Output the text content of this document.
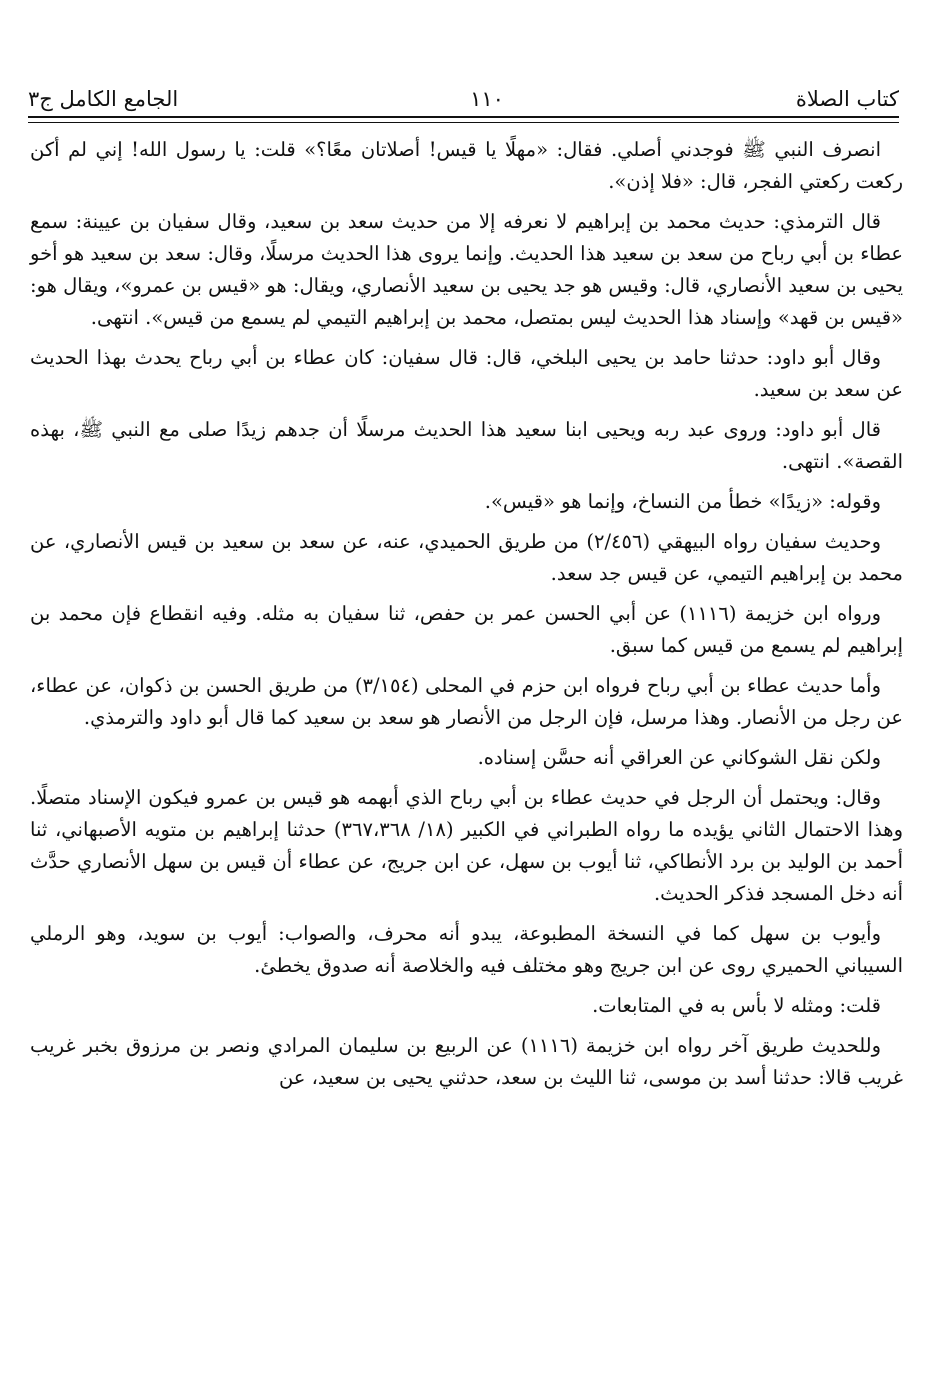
كتاب الصلاة
١١٠
الجامع الكامل ج٣

انصرف النبي ﷺ فوجدني أصلي. فقال: «مهلًا يا قيس! أصلاتان معًا؟» قلت: يا رسول الله! إني لم أكن ركعت ركعتي الفجر، قال: «فلا إذن».

قال الترمذي: حديث محمد بن إبراهيم لا نعرفه إلا من حديث سعد بن سعيد، وقال سفيان بن عيينة: سمع عطاء بن أبي رباح من سعد بن سعيد هذا الحديث. وإنما يروى هذا الحديث مرسلًا، وقال: سعد بن سعيد هو أخو يحيى بن سعيد الأنصاري، قال: وقيس هو جد يحيى بن سعيد الأنصاري، ويقال: هو «قيس بن عمرو»، ويقال هو: «قيس بن قهد» وإسناد هذا الحديث ليس بمتصل، محمد بن إبراهيم التيمي لم يسمع من قيس». انتهى.

وقال أبو داود: حدثنا حامد بن يحيى البلخي، قال: قال سفيان: كان عطاء بن أبي رباح يحدث بهذا الحديث عن سعد بن سعيد.

قال أبو داود: وروى عبد ربه ويحيى ابنا سعيد هذا الحديث مرسلًا أن جدهم زيدًا صلى مع النبي ﷺ، بهذه القصة». انتهى.

وقوله: «زيدًا» خطأ من النساخ، وإنما هو «قيس».

وحديث سفيان رواه البيهقي (٢/٤٥٦) من طريق الحميدي، عنه، عن سعد بن سعيد بن قيس الأنصاري، عن محمد بن إبراهيم التيمي، عن قيس جد سعد.

ورواه ابن خزيمة (١١١٦) عن أبي الحسن عمر بن حفص، ثنا سفيان به مثله. وفيه انقطاع فإن محمد بن إبراهيم لم يسمع من قيس كما سبق.

وأما حديث عطاء بن أبي رباح فرواه ابن حزم في المحلى (٣/١٥٤) من طريق الحسن بن ذكوان، عن عطاء، عن رجل من الأنصار. وهذا مرسل، فإن الرجل من الأنصار هو سعد بن سعيد كما قال أبو داود والترمذي.

ولكن نقل الشوكاني عن العراقي أنه حسَّن إسناده.

وقال: ويحتمل أن الرجل في حديث عطاء بن أبي رباح الذي أبهمه هو قيس بن عمرو فيكون الإسناد متصلًا. وهذا الاحتمال الثاني يؤيده ما رواه الطبراني في الكبير (١٨/ ٣٦٧،٣٦٨) حدثنا إبراهيم بن متويه الأصبهاني، ثنا أحمد بن الوليد بن برد الأنطاكي، ثنا أيوب بن سهل، عن ابن جريج، عن عطاء أن قيس بن سهل الأنصاري حدَّث أنه دخل المسجد فذكر الحديث.

وأيوب بن سهل كما في النسخة المطبوعة، يبدو أنه محرف، والصواب: أيوب بن سويد، وهو الرملي السيباني الحميري روى عن ابن جريج وهو مختلف فيه والخلاصة أنه صدوق يخطئ.

قلت: ومثله لا بأس به في المتابعات.

وللحديث طريق آخر رواه ابن خزيمة (١١١٦) عن الربيع بن سليمان المرادي ونصر بن مرزوق بخبر غريب غريب قالا: حدثنا أسد بن موسى، ثنا الليث بن سعد، حدثني يحيى بن سعيد، عن
